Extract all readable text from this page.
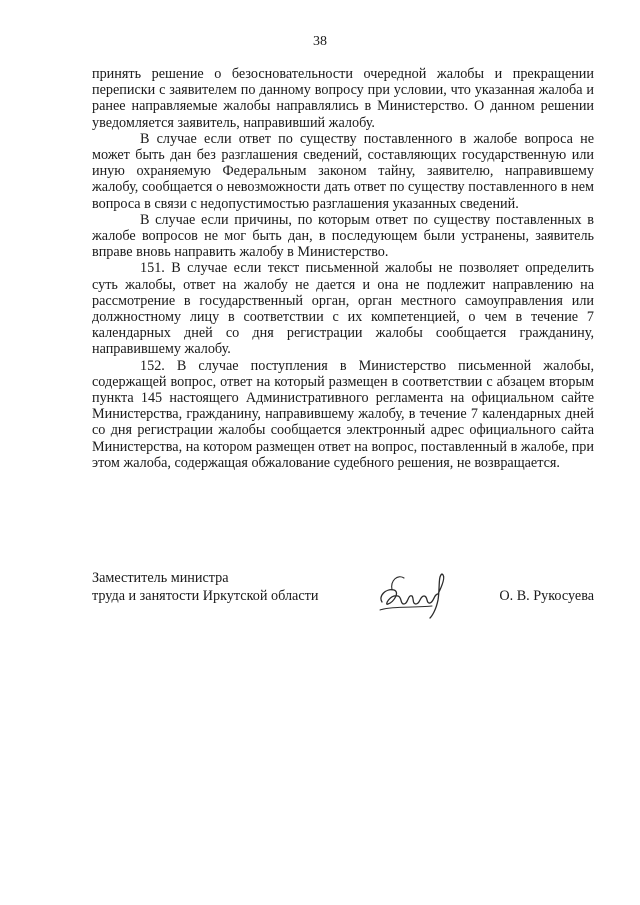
38

принять решение о безосновательности очередной жалобы и прекращении переписки с заявителем по данному вопросу при условии, что указанная жалоба и ранее направляемые жалобы направлялись в Министерство. О данном решении уведомляется заявитель, направивший жалобу.

В случае если ответ по существу поставленного в жалобе вопроса не может быть дан без разглашения сведений, составляющих государственную или иную охраняемую Федеральным законом тайну, заявителю, направившему жалобу, сообщается о невозможности дать ответ по существу поставленного в нем вопроса в связи с недопустимостью разглашения указанных сведений.

В случае если причины, по которым ответ по существу поставленных в жалобе вопросов не мог быть дан, в последующем были устранены, заявитель вправе вновь направить жалобу в Министерство.

151. В случае если текст письменной жалобы не позволяет определить суть жалобы, ответ на жалобу не дается и она не подлежит направлению на рассмотрение в государственный орган, орган местного самоуправления или должностному лицу в соответствии с их компетенцией, о чем в течение 7 календарных дней со дня регистрации жалобы сообщается гражданину, направившему жалобу.

152. В случае поступления в Министерство письменной жалобы, содержащей вопрос, ответ на который размещен в соответствии с абзацем вторым пункта 145 настоящего Административного регламента на официальном сайте Министерства, гражданину, направившему жалобу, в течение 7 календарных дней со дня регистрации жалобы сообщается электронный адрес официального сайта Министерства, на котором размещен ответ на вопрос, поставленный в жалобе, при этом жалоба, содержащая обжалование судебного решения, не возвращается.

Заместитель министра
труда и занятости Иркутской области	О. В. Рукосуева
